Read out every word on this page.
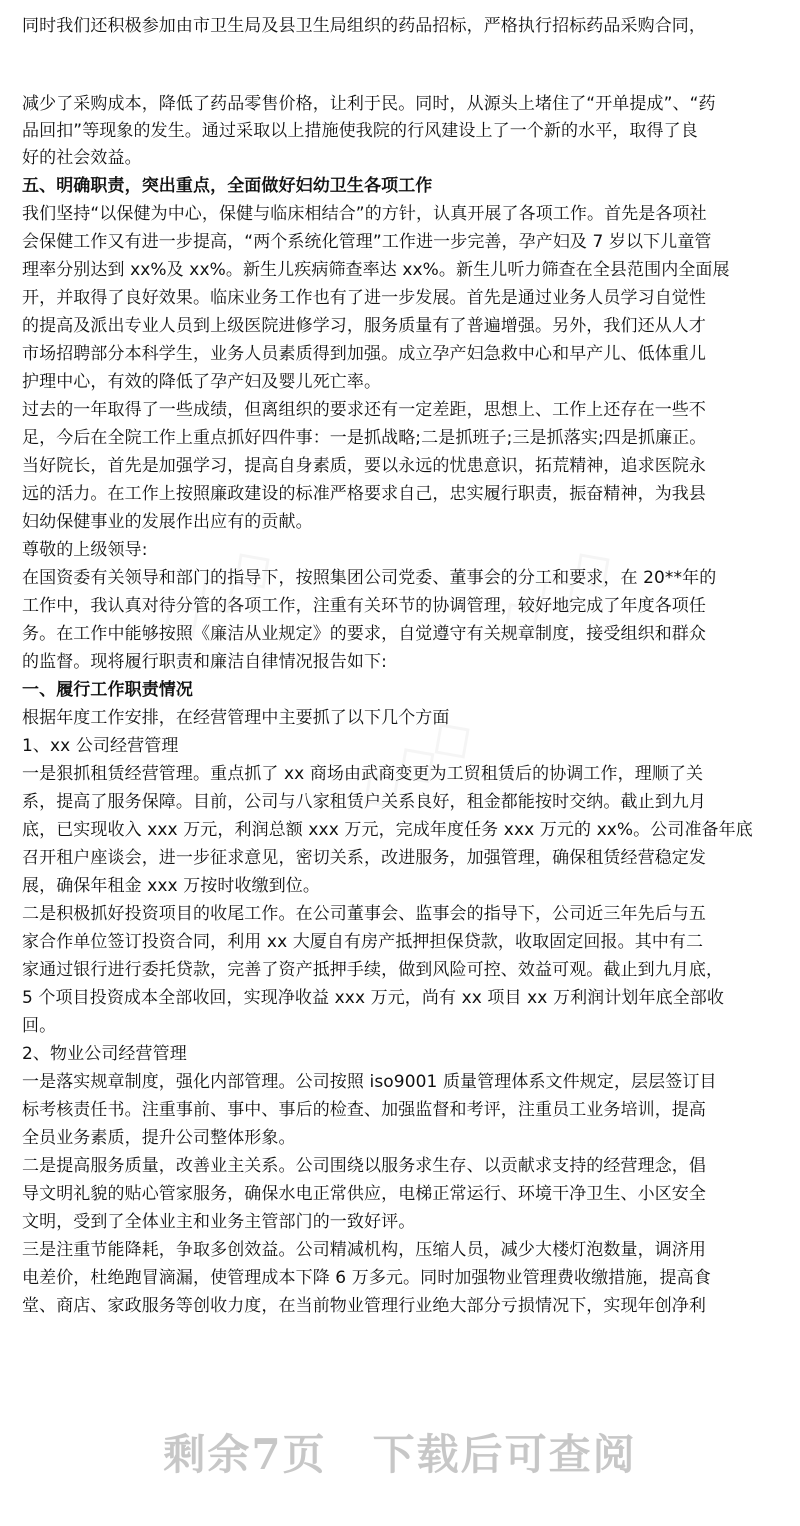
同时我们还积极参加由市卫生局及县卫生局组织的药品招标，严格执行招标药品采购合同，
减少了采购成本，降低了药品零售价格，让利于民。同时，从源头上堵住了“开单提成”、“药
品回扣”等现象的发生。通过采取以上措施使我院的行风建设上了一个新的水平，取得了良
好的社会效益。
五、明确职责，突出重点，全面做好妇幼卫生各项工作
我们坚持“以保健为中心，保健与临床相结合”的方针，认真开展了各项工作。首先是各项社
会保健工作又有进一步提高，“两个系统化管理”工作进一步完善，孕产妇及 7 岁以下儿童管
理率分别达到 xx%及 xx%。新生儿疾病筛查率达 xx%。新生儿听力筛查在全县范围内全面展
开，并取得了良好效果。临床业务工作也有了进一步发展。首先是通过业务人员学习自觉性
的提高及派出专业人员到上级医院进修学习，服务质量有了普遍增强。另外，我们还从人才
市场招聘部分本科学生，业务人员素质得到加强。成立孕产妇急救中心和早产儿、低体重儿
护理中心，有效的降低了孕产妇及婴儿死亡率。
过去的一年取得了一些成绩，但离组织的要求还有一定差距，思想上、工作上还存在一些不
足，今后在全院工作上重点抓好四件事：一是抓战略;二是抓班子;三是抓落实;四是抓廉正。
当好院长，首先是加强学习，提高自身素质，要以永远的忧患意识，拓荒精神，追求医院永
远的活力。在工作上按照廉政建设的标准严格要求自己，忠实履行职责，振奋精神，为我县
妇幼保健事业的发展作出应有的贡献。
尊敬的上级领导:
在国资委有关领导和部门的指导下，按照集团公司党委、董事会的分工和要求，在 20**年的
工作中，我认真对待分管的各项工作，注重有关环节的协调管理，较好地完成了年度各项任
务。在工作中能够按照《廉洁从业规定》的要求，自觉遵守有关规章制度，接受组织和群众
的监督。现将履行职责和廉洁自律情况报告如下:
一、履行工作职责情况
根据年度工作安排，在经营管理中主要抓了以下几个方面
1、xx 公司经营管理
一是狠抓租赁经营管理。重点抓了 xx 商场由武商变更为工贸租赁后的协调工作，理顺了关
系，提高了服务保障。目前，公司与八家租赁户关系良好，租金都能按时交纳。截止到九月
底，已实现收入 xxx 万元，利润总额 xxx 万元，完成年度任务 xxx 万元的 xx%。公司准备年底
召开租户座谈会，进一步征求意见，密切关系，改进服务，加强管理，确保租赁经营稳定发
展，确保年租金 xxx 万按时收缴到位。
二是积极抓好投资项目的收尾工作。在公司董事会、监事会的指导下，公司近三年先后与五
家合作单位签订投资合同，利用 xx 大厦自有房产抵押担保贷款，收取固定回报。其中有二
家通过银行进行委托贷款，完善了资产抵押手续，做到风险可控、效益可观。截止到九月底，
5 个项目投资成本全部收回，实现净收益 xxx 万元，尚有 xx 项目 xx 万利润计划年底全部收
回。
2、物业公司经营管理
一是落实规章制度，强化内部管理。公司按照 iso9001 质量管理体系文件规定，层层签订目
标考核责任书。注重事前、事中、事后的检查、加强监督和考评，注重员工业务培训，提高
全员业务素质，提升公司整体形象。
二是提高服务质量，改善业主关系。公司围绕以服务求生存、以贡献求支持的经营理念，倡
导文明礼貌的贴心管家服务，确保水电正常供应，电梯正常运行、环境干净卫生、小区安全
文明，受到了全体业主和业务主管部门的一致好评。
三是注重节能降耗，争取多创效益。公司精减机构，压缩人员，减少大楼灯泡数量，调济用
电差价，杜绝跑冒滴漏，使管理成本下降 6 万多元。同时加强物业管理费收缴措施，提高食
堂、商店、家政服务等创收力度，在当前物业管理行业绝大部分亏损情况下，实现年创净利
剩余7页 下载后可查阅
